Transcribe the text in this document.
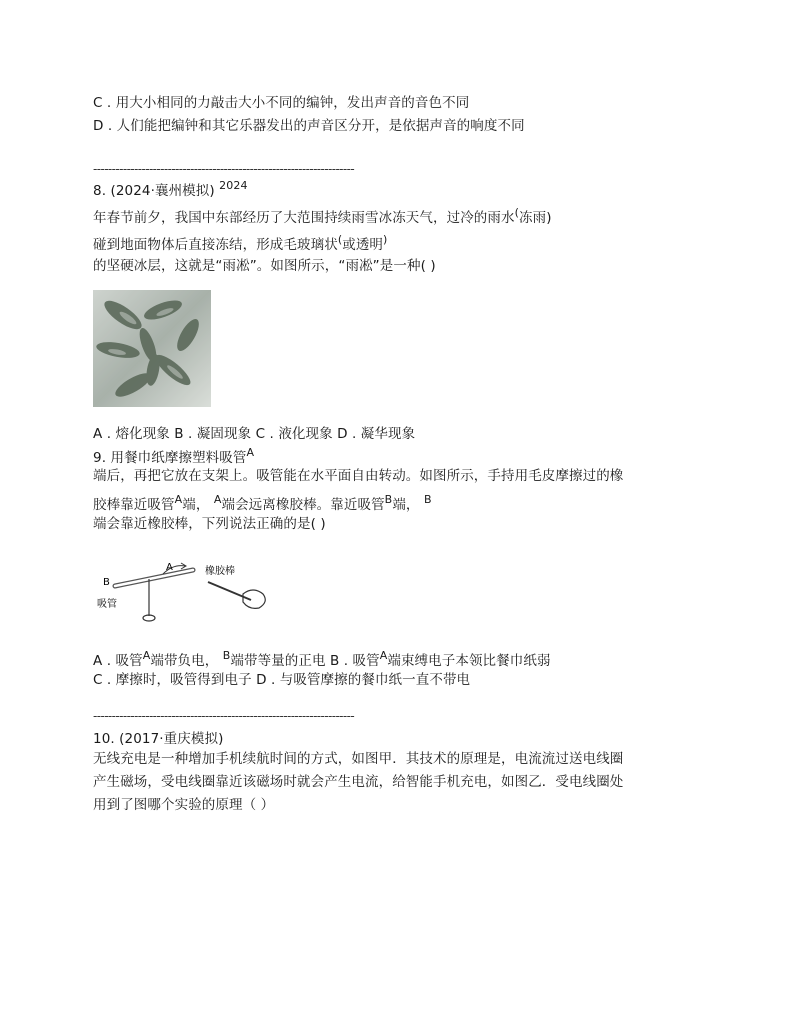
C . 用大小相同的力敲击大小不同的编钟，发出声音的音色不同
D . 人们能把编钟和其它乐器发出的声音区分开，是依据声音的响度不同
----------------------------------------------------------------------
8. (2024·襄州模拟) $^{2024}$
年春节前夕，我国中东部经历了大范围持续雨雪冰冻天气，过冷的雨水(冻雨)
碰到地面物体后直接冻结，形成毛玻璃状(或透明)
的坚硬冰层，这就是“雨凇”。如图所示，“雨凇”是一种( )
A . 熔化现象 B . 凝固现象 C . 液化现象 D . 凝华现象
9. 用餐巾纸摩擦塑料吸管$^A$
端后，再把它放在支架上。吸管能在水平面自由转动。如图所示，手持用毛皮摩擦过的橡
胶棒靠近吸管$^A$端， $^A$端会远离橡胶棒。靠近吸管$^B$端， $^B$
端会靠近橡胶棒，下列说法正确的是( )
A
B
吸管
橡胶棒
A . 吸管$^A$端带负电， $^B$端带等量的正电 B . 吸管$^A$端束缚电子本领比餐巾纸弱
C . 摩擦时，吸管得到电子 D . 与吸管摩擦的餐巾纸一直不带电
----------------------------------------------------------------------
10. (2017·重庆模拟)
无线充电是一种增加手机续航时间的方式，如图甲．其技术的原理是，电流流过送电线圈
产生磁场，受电线圈靠近该磁场时就会产生电流，给智能手机充电，如图乙．受电线圈处
用到了图哪个实验的原理（ ）
